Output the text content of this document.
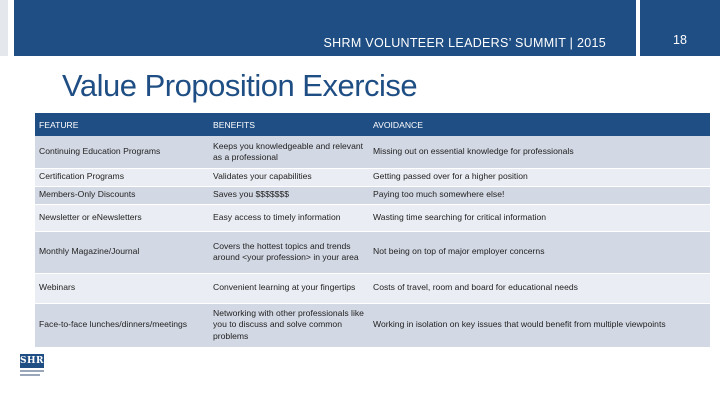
SHRM VOLUNTEER LEADERS’ SUMMIT | 2015	18
Value Proposition Exercise
FEATURE	BENEFITS	AVOIDANCE
Continuing Education Programs	Keeps you knowledgeable and relevant as a professional	Missing out on essential knowledge for professionals
Certification Programs	Validates your capabilities	Getting passed over for a higher position
Members-Only Discounts	Saves you $$$$$$$	Paying too much somewhere else!
Newsletter or eNewsletters	Easy access to timely information	Wasting time searching for critical information
Monthly Magazine/Journal	Covers the hottest topics and trends around <your profession> in your area	Not being on top of major employer concerns
Webinars	Convenient learning at your fingertips	Costs of travel, room and board for educational needs
Face-to-face lunches/dinners/meetings	Networking with other professionals like you to discuss and solve common problems	Working in isolation on key issues that would benefit from multiple viewpoints
SHRM
